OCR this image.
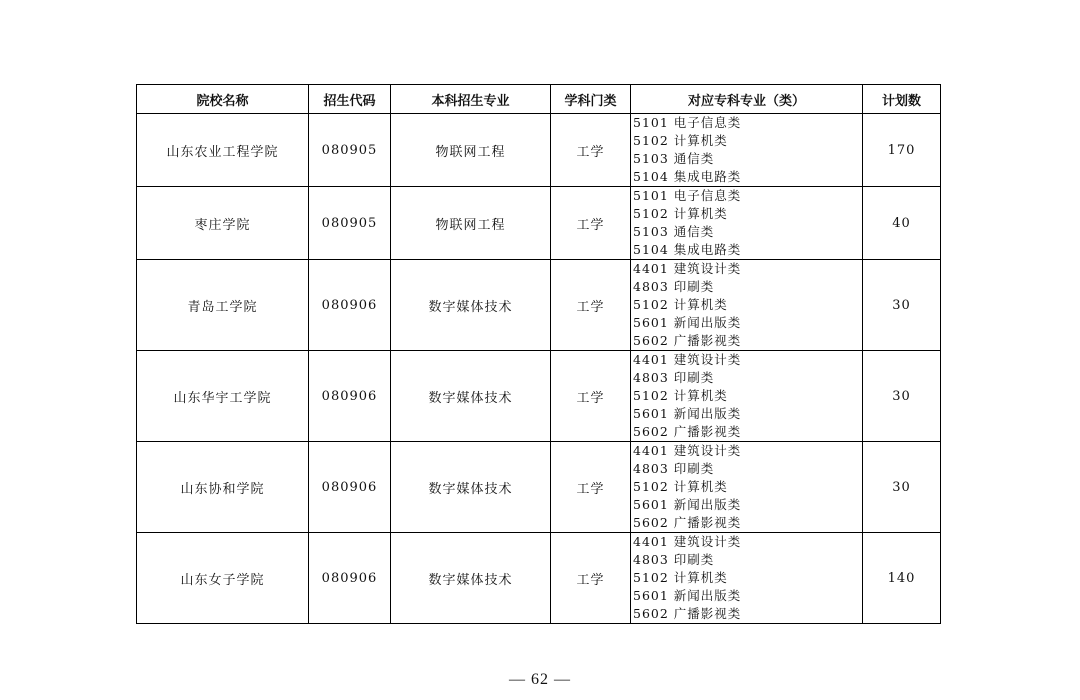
院校名称	招生代码	本科招生专业	学科门类	对应专科专业（类）	计划数
山东农业工程学院	080905	物联网工程	工学	5101 电子信息类
5102 计算机类
5103 通信类
5104 集成电路类	170
枣庄学院	080905	物联网工程	工学	5101 电子信息类
5102 计算机类
5103 通信类
5104 集成电路类	40
青岛工学院	080906	数字媒体技术	工学	4401 建筑设计类
4803 印刷类
5102 计算机类
5601 新闻出版类
5602 广播影视类	30
山东华宇工学院	080906	数字媒体技术	工学	4401 建筑设计类
4803 印刷类
5102 计算机类
5601 新闻出版类
5602 广播影视类	30
山东协和学院	080906	数字媒体技术	工学	4401 建筑设计类
4803 印刷类
5102 计算机类
5601 新闻出版类
5602 广播影视类	30
山东女子学院	080906	数字媒体技术	工学	4401 建筑设计类
4803 印刷类
5102 计算机类
5601 新闻出版类
5602 广播影视类	140
— 62 —
